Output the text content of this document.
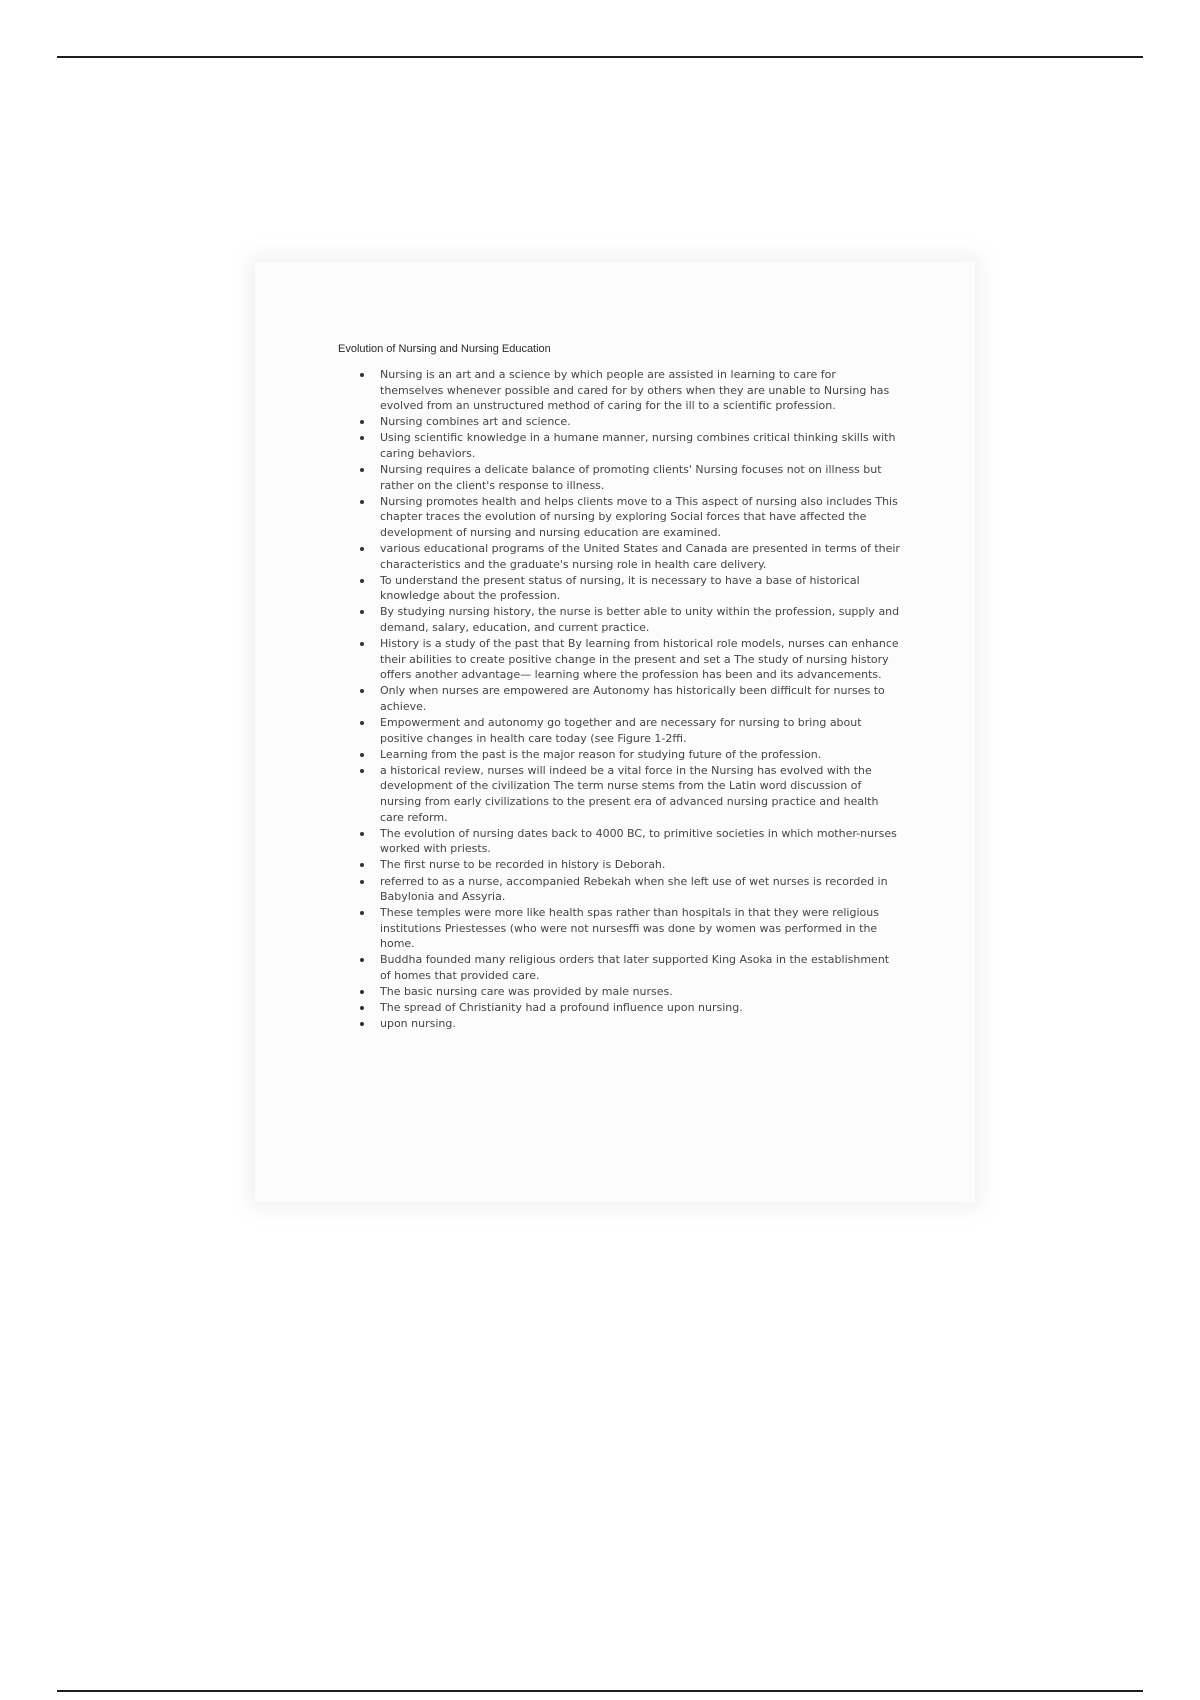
Evolution of Nursing and Nursing Education
Nursing is an art and a science by which people are assisted in learning to care for themselves whenever possible and cared for by others when they are unable to Nursing has evolved from an unstructured method of caring for the ill to a scientific profession.
Nursing combines art and science.
Using scientific knowledge in a humane manner, nursing combines critical thinking skills with caring behaviors.
Nursing requires a delicate balance of promoting clients' Nursing focuses not on illness but rather on the client's response to illness.
Nursing promotes health and helps clients move to a This aspect of nursing also includes This chapter traces the evolution of nursing by exploring Social forces that have affected the development of nursing and nursing education are examined.
various educational programs of the United States and Canada are presented in terms of their characteristics and the graduate's nursing role in health care delivery.
To understand the present status of nursing, it is necessary to have a base of historical knowledge about the profession.
By studying nursing history, the nurse is better able to unity within the profession, supply and demand, salary, education, and current practice.
History is a study of the past that By learning from historical role models, nurses can enhance their abilities to create positive change in the present and set a The study of nursing history offers another advantage— learning where the profession has been and its advancements.
Only when nurses are empowered are Autonomy has historically been difficult for nurses to achieve.
Empowerment and autonomy go together and are necessary for nursing to bring about positive changes in health care today (see Figure 1-2ffi.
Learning from the past is the major reason for studying future of the profession.
a historical review, nurses will indeed be a vital force in the Nursing has evolved with the development of the civilization The term nurse stems from the Latin word discussion of nursing from early civilizations to the present era of advanced nursing practice and health care reform.
The evolution of nursing dates back to 4000 BC, to primitive societies in which mother-nurses worked with priests.
The first nurse to be recorded in history is Deborah.
referred to as a nurse, accompanied Rebekah when she left use of wet nurses is recorded in Babylonia and Assyria.
These temples were more like health spas rather than hospitals in that they were religious institutions Priestesses (who were not nursesffi was done by women was performed in the home.
Buddha founded many religious orders that later supported King Asoka in the establishment of homes that provided care.
The basic nursing care was provided by male nurses.
The spread of Christianity had a profound influence upon nursing.
upon nursing.
